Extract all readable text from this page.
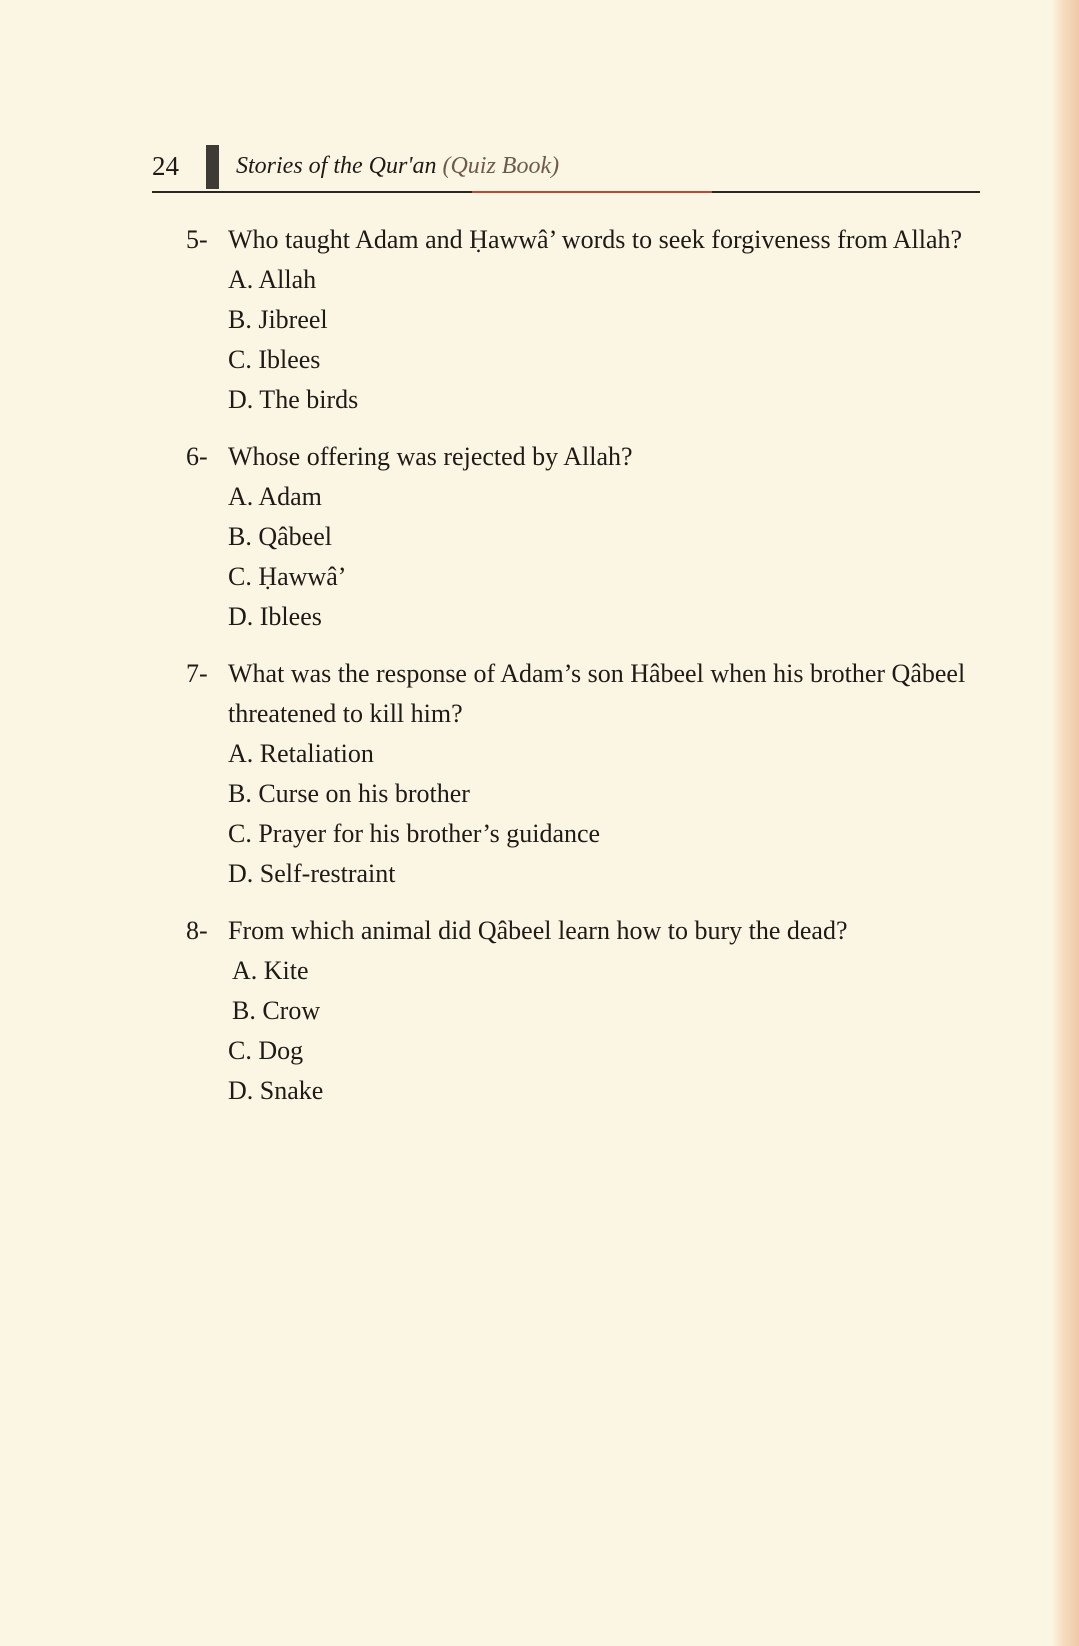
24 Stories of the Qur'an (Quiz Book)
5- Who taught Adam and Ḥawwâ’ words to seek forgiveness from Allah?
A. Allah
B. Jibreel
C. Iblees
D. The birds
6- Whose offering was rejected by Allah?
A. Adam
B. Qâbeel
C. Ḥawwâ’
D. Iblees
7- What was the response of Adam’s son Hâbeel when his brother Qâbeel threatened to kill him?
A. Retaliation
B. Curse on his brother
C. Prayer for his brother’s guidance
D. Self-restraint
8- From which animal did Qâbeel learn how to bury the dead?
A. Kite
B. Crow
C. Dog
D. Snake
